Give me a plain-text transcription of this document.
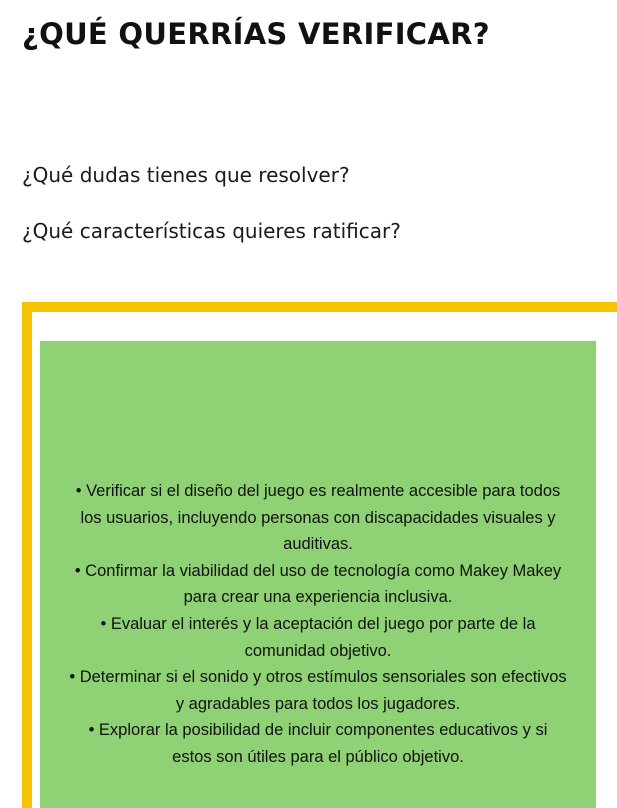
¿QUÉ QUERRÍAS VERIFICAR?

¿Qué dudas tienes que resolver?

¿Qué características quieres ratificar?

• Verificar si el diseño del juego es realmente accesible para todos los usuarios, incluyendo personas con discapacidades visuales y auditivas.
• Confirmar la viabilidad del uso de tecnología como Makey Makey para crear una experiencia inclusiva.
• Evaluar el interés y la aceptación del juego por parte de la comunidad objetivo.
• Determinar si el sonido y otros estímulos sensoriales son efectivos y agradables para todos los jugadores.
• Explorar la posibilidad de incluir componentes educativos y si estos son útiles para el público objetivo.
